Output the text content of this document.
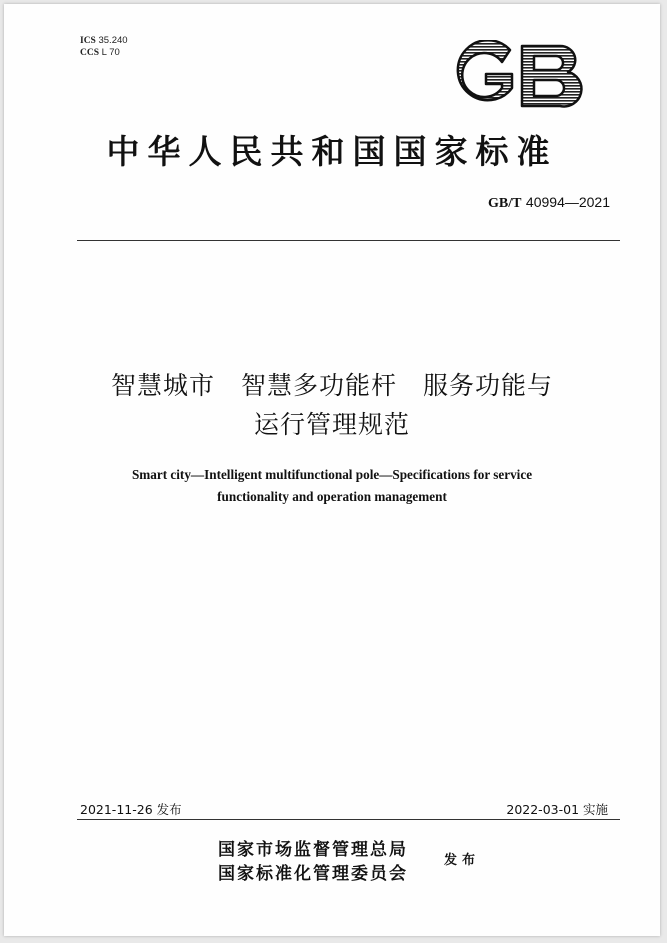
ICS 35.240
CCS L 70
中华人民共和国国家标准
GB/T 40994—2021
智慧城市　智慧多功能杆　服务功能与
运行管理规范
Smart city—Intelligent multifunctional pole—Specifications for service
functionality and operation management
2021-11-26 发布	2022-03-01 实施
国家市场监督管理总局
国家标准化管理委员会
发布
